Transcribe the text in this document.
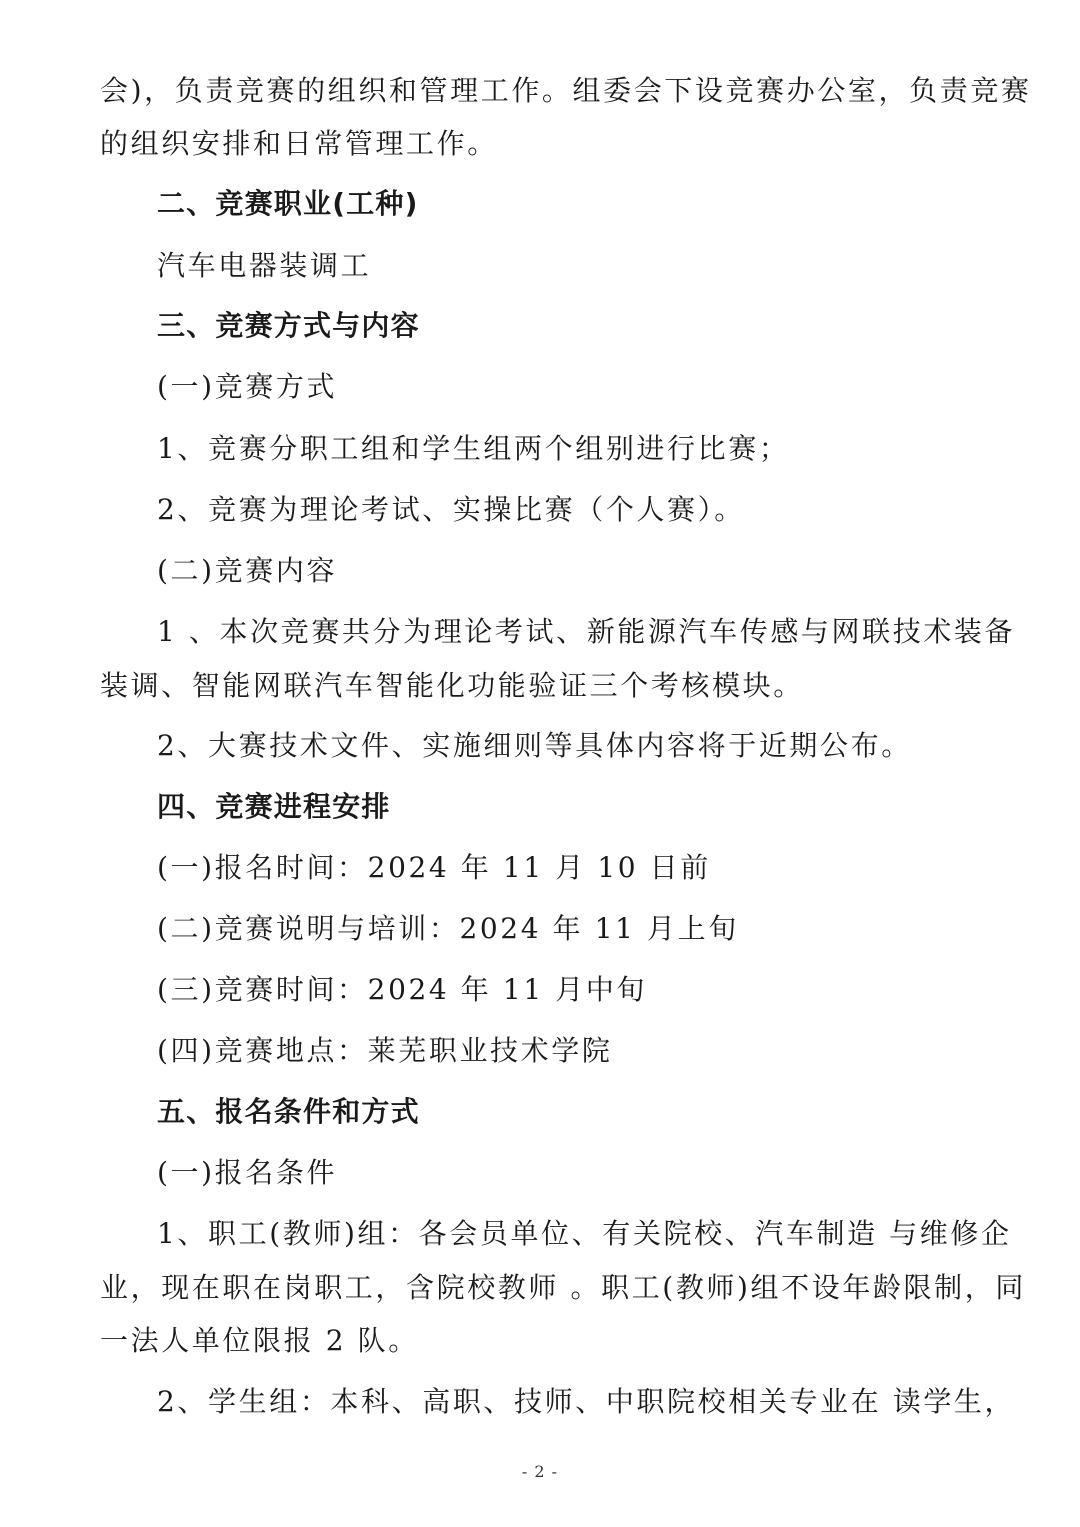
会)，负责竞赛的组织和管理工作。组委会下设竞赛办公室，负责竞赛
的组织安排和日常管理工作。
二、竞赛职业(工种)
汽车电器装调工
三、竞赛方式与内容
(一)竞赛方式
1、竞赛分职工组和学生组两个组别进行比赛；
2、竞赛为理论考试、实操比赛（个人赛）。
(二)竞赛内容
1 、本次竞赛共分为理论考试、新能源汽车传感与网联技术装备
装调、智能网联汽车智能化功能验证三个考核模块。
2、大赛技术文件、实施细则等具体内容将于近期公布。
四、竞赛进程安排
(一)报名时间：2024 年 11 月 10 日前
(二)竞赛说明与培训：2024 年 11 月上旬
(三)竞赛时间：2024 年 11 月中旬
(四)竞赛地点：莱芜职业技术学院
五、报名条件和方式
(一)报名条件
1、职工(教师)组：各会员单位、有关院校、汽车制造 与维修企
业，现在职在岗职工，含院校教师 。职工(教师)组不设年龄限制，同
一法人单位限报 2 队。
2、学生组：本科、高职、技师、中职院校相关专业在 读学生，
- 2 -
